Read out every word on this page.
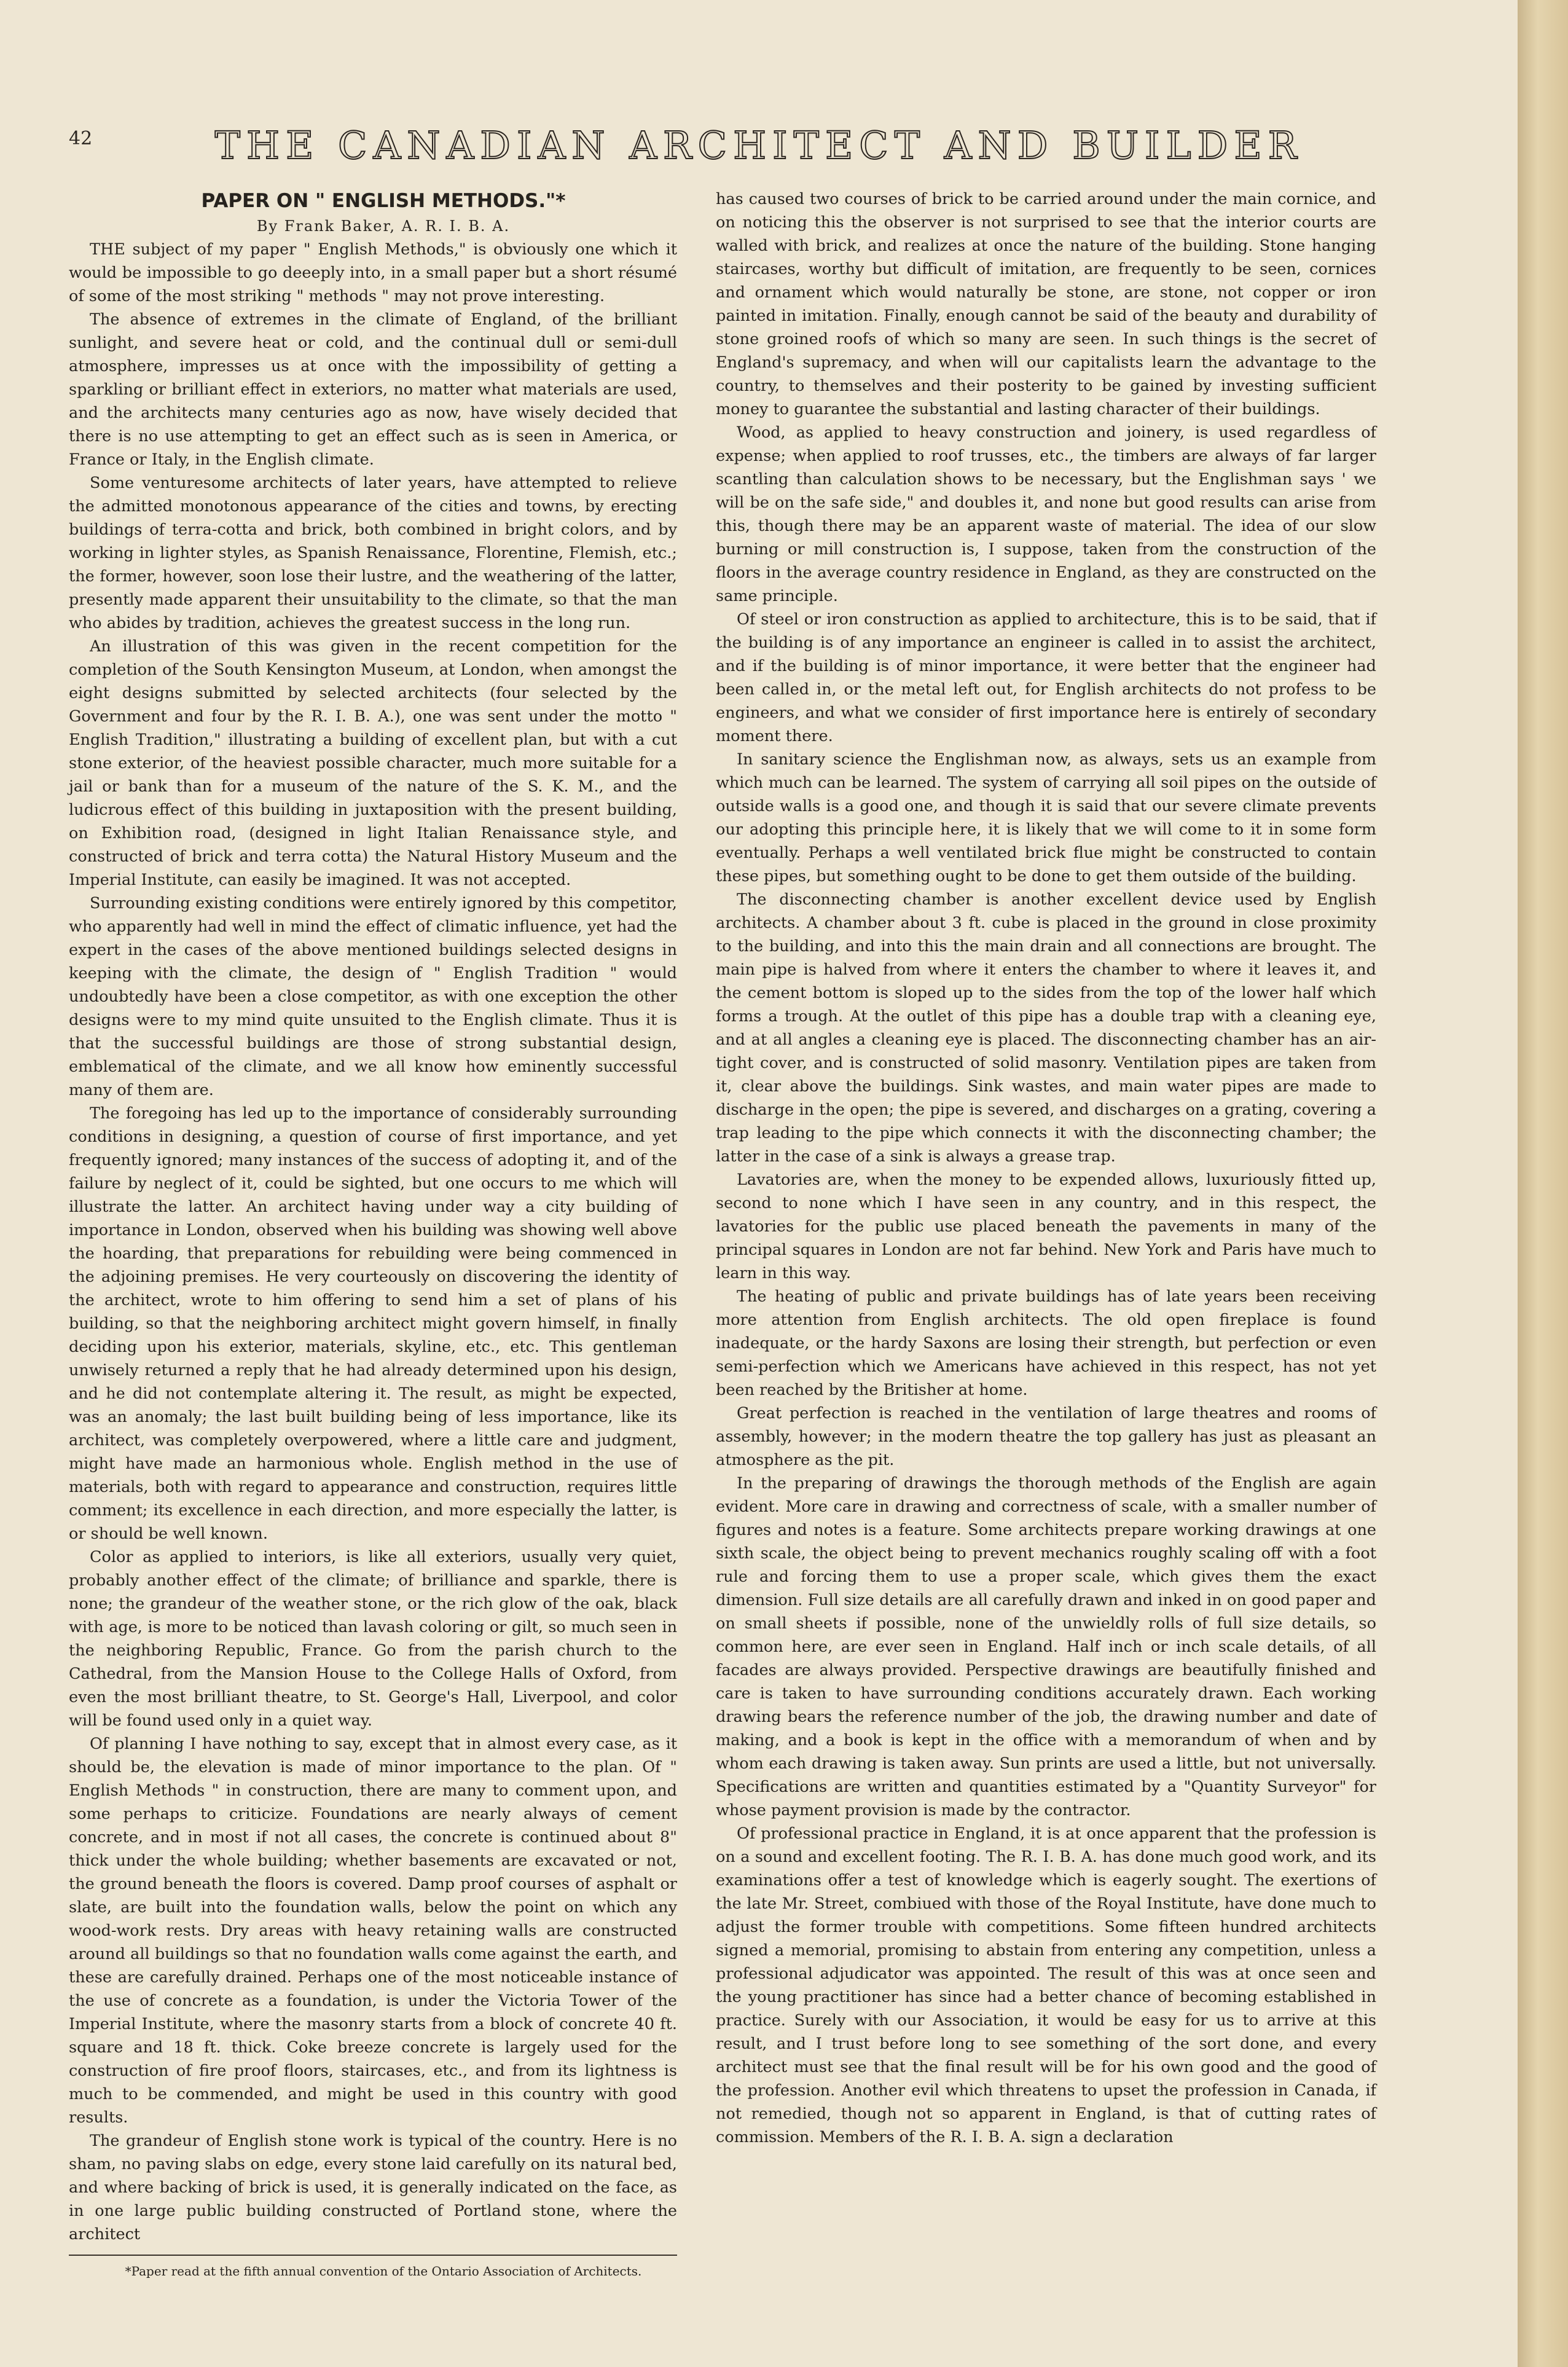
42	THE CANADIAN ARCHITECT AND BUILDER

PAPER ON " ENGLISH METHODS."*

By Frank Baker, A. R. I. B. A.

THE subject of my paper " English Methods," is obviously one which it would be impossible to go deeeply into, in a small paper but a short résumé of some of the most striking " methods " may not prove interesting.

The absence of extremes in the climate of England, of the brilliant sunlight, and severe heat or cold, and the continual dull or semi-dull atmosphere, impresses us at once with the impossibility of getting a sparkling or brilliant effect in exteriors, no matter what materials are used, and the architects many centuries ago as now, have wisely decided that there is no use attempting to get an effect such as is seen in America, or France or Italy, in the English climate.

Some venturesome architects of later years, have attempted to relieve the admitted monotonous appearance of the cities and towns, by erecting buildings of terra-cotta and brick, both combined in bright colors, and by working in lighter styles, as Spanish Renaissance, Florentine, Flemish, etc.; the former, however, soon lose their lustre, and the weathering of the latter, presently made apparent their unsuitability to the climate, so that the man who abides by tradition, achieves the greatest success in the long run.

An illustration of this was given in the recent competition for the completion of the South Kensington Museum, at London, when amongst the eight designs submitted by selected architects (four selected by the Government and four by the R. I. B. A.), one was sent under the motto " English Tradition," illustrating a building of excellent plan, but with a cut stone exterior, of the heaviest possible character, much more suitable for a jail or bank than for a museum of the nature of the S. K. M., and the ludicrous effect of this building in juxtaposition with the present building, on Exhibition road, (designed in light Italian Renaissance style, and constructed of brick and terra cotta) the Natural History Museum and the Imperial Institute, can easily be imagined. It was not accepted.

Surrounding existing conditions were entirely ignored by this competitor, who apparently had well in mind the effect of climatic influence, yet had the expert in the cases of the above mentioned buildings selected designs in keeping with the climate, the design of " English Tradition " would undoubtedly have been a close competitor, as with one exception the other designs were to my mind quite unsuited to the English climate. Thus it is that the successful buildings are those of strong substantial design, emblematical of the climate, and we all know how eminently successful many of them are.

The foregoing has led up to the importance of considerably surrounding conditions in designing, a question of course of first importance, and yet frequently ignored; many instances of the success of adopting it, and of the failure by neglect of it, could be sighted, but one occurs to me which will illustrate the latter. An architect having under way a city building of importance in London, observed when his building was showing well above the hoarding, that preparations for rebuilding were being commenced in the adjoining premises. He very courteously on discovering the identity of the architect, wrote to him offering to send him a set of plans of his building, so that the neighboring architect might govern himself, in finally deciding upon his exterior, materials, skyline, etc., etc. This gentleman unwisely returned a reply that he had already determined upon his design, and he did not contemplate altering it. The result, as might be expected, was an anomaly; the last built building being of less importance, like its architect, was completely overpowered, where a little care and judgment, might have made an harmonious whole. English method in the use of materials, both with regard to appearance and construction, requires little comment; its excellence in each direction, and more especially the latter, is or should be well known.

Color as applied to interiors, is like all exteriors, usually very quiet, probably another effect of the climate; of brilliance and sparkle, there is none; the grandeur of the weather stone, or the rich glow of the oak, black with age, is more to be noticed than lavash coloring or gilt, so much seen in the neighboring Republic, France. Go from the parish church to the Cathedral, from the Mansion House to the College Halls of Oxford, from even the most brilliant theatre, to St. George's Hall, Liverpool, and color will be found used only in a quiet way.

Of planning I have nothing to say, except that in almost every case, as it should be, the elevation is made of minor importance to the plan. Of " English Methods " in construction, there are many to comment upon, and some perhaps to criticize. Foundations are nearly always of cement concrete, and in most if not all cases, the concrete is continued about 8" thick under the whole building; whether basements are excavated or not, the ground beneath the floors is covered. Damp proof courses of asphalt or slate, are built into the foundation walls, below the point on which any wood-work rests. Dry areas with heavy retaining walls are constructed around all buildings so that no foundation walls come against the earth, and these are carefully drained. Perhaps one of the most noticeable instance of the use of concrete as a foundation, is under the Victoria Tower of the Imperial Institute, where the masonry starts from a block of concrete 40 ft. square and 18 ft. thick. Coke breeze concrete is largely used for the construction of fire proof floors, staircases, etc., and from its lightness is much to be commended, and might be used in this country with good results.

The grandeur of English stone work is typical of the country. Here is no sham, no paving slabs on edge, every stone laid carefully on its natural bed, and where backing of brick is used, it is generally indicated on the face, as in one large public building constructed of Portland stone, where the architect

*Paper read at the fifth annual convention of the Ontario Association of Architects.

has caused two courses of brick to be carried around under the main cornice, and on noticing this the observer is not surprised to see that the interior courts are walled with brick, and realizes at once the nature of the building. Stone hanging staircases, worthy but difficult of imitation, are frequently to be seen, cornices and ornament which would naturally be stone, are stone, not copper or iron painted in imitation. Finally, enough cannot be said of the beauty and durability of stone groined roofs of which so many are seen. In such things is the secret of England's supremacy, and when will our capitalists learn the advantage to the country, to themselves and their posterity to be gained by investing sufficient money to guarantee the substantial and lasting character of their buildings.

Wood, as applied to heavy construction and joinery, is used regardless of expense; when applied to roof trusses, etc., the timbers are always of far larger scantling than calculation shows to be necessary, but the Englishman says ' we will be on the safe side," and doubles it, and none but good results can arise from this, though there may be an apparent waste of material. The idea of our slow burning or mill construction is, I suppose, taken from the construction of the floors in the average country residence in England, as they are constructed on the same principle.

Of steel or iron construction as applied to architecture, this is to be said, that if the building is of any importance an engineer is called in to assist the architect, and if the building is of minor importance, it were better that the engineer had been called in, or the metal left out, for English architects do not profess to be engineers, and what we consider of first importance here is entirely of secondary moment there.

In sanitary science the Englishman now, as always, sets us an example from which much can be learned. The system of carrying all soil pipes on the outside of outside walls is a good one, and though it is said that our severe climate prevents our adopting this principle here, it is likely that we will come to it in some form eventually. Perhaps a well ventilated brick flue might be constructed to contain these pipes, but something ought to be done to get them outside of the building.

The disconnecting chamber is another excellent device used by English architects. A chamber about 3 ft. cube is placed in the ground in close proximity to the building, and into this the main drain and all connections are brought. The main pipe is halved from where it enters the chamber to where it leaves it, and the cement bottom is sloped up to the sides from the top of the lower half which forms a trough. At the outlet of this pipe has a double trap with a cleaning eye, and at all angles a cleaning eye is placed. The disconnecting chamber has an air-tight cover, and is constructed of solid masonry. Ventilation pipes are taken from it, clear above the buildings. Sink wastes, and main water pipes are made to discharge in the open; the pipe is severed, and discharges on a grating, covering a trap leading to the pipe which connects it with the disconnecting chamber; the latter in the case of a sink is always a grease trap.

Lavatories are, when the money to be expended allows, luxuriously fitted up, second to none which I have seen in any country, and in this respect, the lavatories for the public use placed beneath the pavements in many of the principal squares in London are not far behind. New York and Paris have much to learn in this way.

The heating of public and private buildings has of late years been receiving more attention from English architects. The old open fireplace is found inadequate, or the hardy Saxons are losing their strength, but perfection or even semi-perfection which we Americans have achieved in this respect, has not yet been reached by the Britisher at home.

Great perfection is reached in the ventilation of large theatres and rooms of assembly, however; in the modern theatre the top gallery has just as pleasant an atmosphere as the pit.

In the preparing of drawings the thorough methods of the English are again evident. More care in drawing and correctness of scale, with a smaller number of figures and notes is a feature. Some architects prepare working drawings at one sixth scale, the object being to prevent mechanics roughly scaling off with a foot rule and forcing them to use a proper scale, which gives them the exact dimension. Full size details are all carefully drawn and inked in on good paper and on small sheets if possible, none of the unwieldly rolls of full size details, so common here, are ever seen in England. Half inch or inch scale details, of all facades are always provided. Perspective drawings are beautifully finished and care is taken to have surrounding conditions accurately drawn. Each working drawing bears the reference number of the job, the drawing number and date of making, and a book is kept in the office with a memorandum of when and by whom each drawing is taken away. Sun prints are used a little, but not universally. Specifications are written and quantities estimated by a "Quantity Surveyor" for whose payment provision is made by the contractor.

Of professional practice in England, it is at once apparent that the profession is on a sound and excellent footing. The R. I. B. A. has done much good work, and its examinations offer a test of knowledge which is eagerly sought. The exertions of the late Mr. Street, combiued with those of the Royal Institute, have done much to adjust the former trouble with competitions. Some fifteen hundred architects signed a memorial, promising to abstain from entering any competition, unless a professional adjudicator was appointed. The result of this was at once seen and the young practitioner has since had a better chance of becoming established in practice. Surely with our Association, it would be easy for us to arrive at this result, and I trust before long to see something of the sort done, and every architect must see that the final result will be for his own good and the good of the profession. Another evil which threatens to upset the profession in Canada, if not remedied, though not so apparent in England, is that of cutting rates of commission. Members of the R. I. B. A. sign a declaration
